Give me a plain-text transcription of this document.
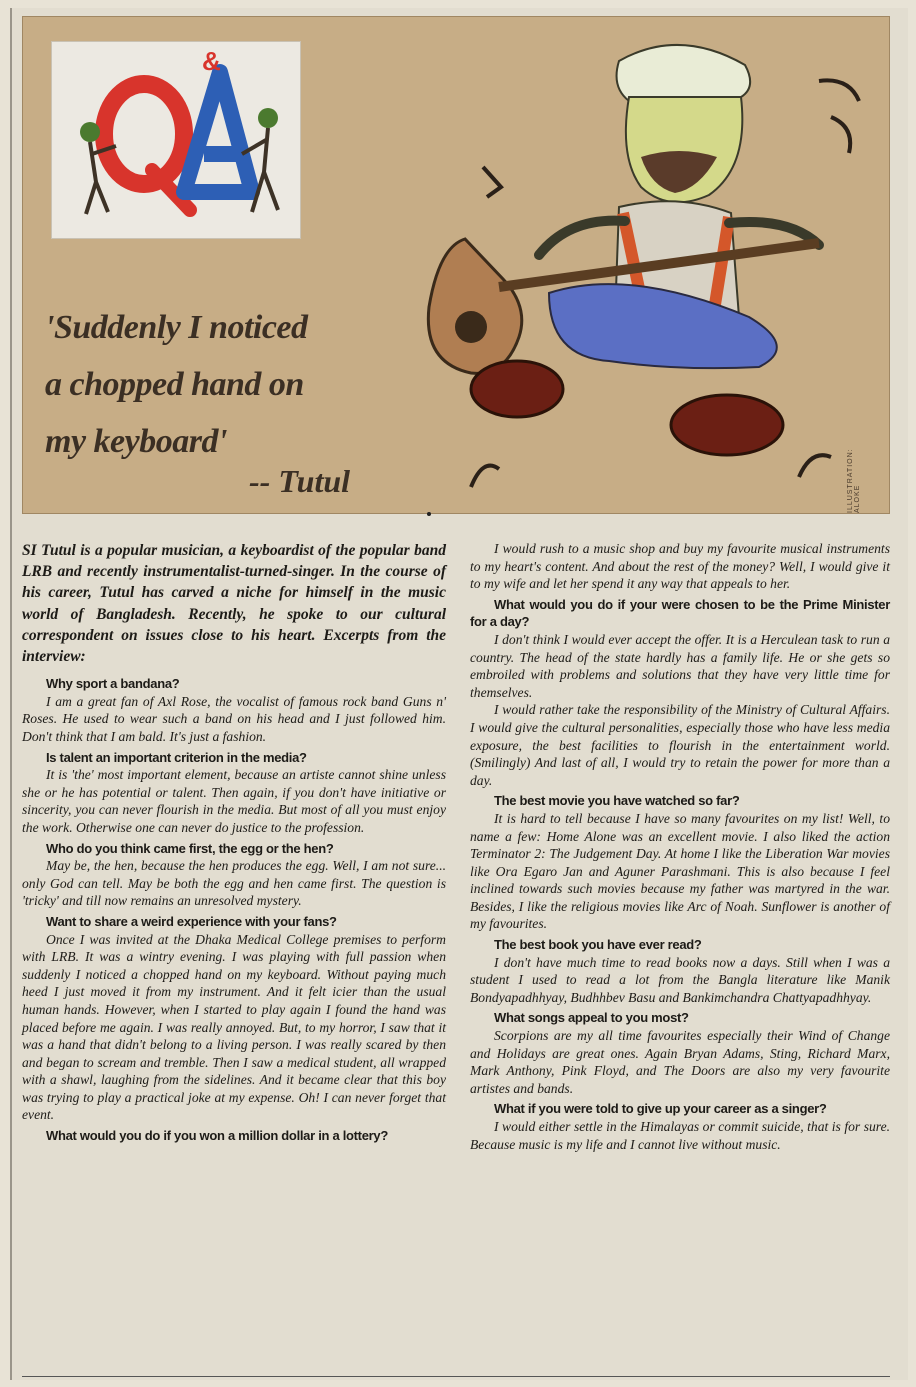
&
'Suddenly I noticed
a chopped hand on
my keyboard'
-- Tutul	ILLUSTRATION: ALOKE

SI Tutul is a popular musician, a keyboardist of the popular band LRB and recently instrumentalist-turned-singer. In the course of his career, Tutul has carved a niche for himself in the music world of Bangladesh. Recently, he spoke to our cultural correspondent on issues close to his heart. Excerpts from the interview:

Why sport a bandana?

I am a great fan of Axl Rose, the vocalist of famous rock band Guns n' Roses. He used to wear such a band on his head and I just followed him. Don't think that I am bald. It's just a fashion.

Is talent an important criterion in the media?

It is 'the' most important element, because an artiste cannot shine unless she or he has potential or talent. Then again, if you don't have initiative or sincerity, you can never flourish in the media. But most of all you must enjoy the work. Otherwise one can never do justice to the profession.

Who do you think came first, the egg or the hen?

May be, the hen, because the hen produces the egg. Well, I am not sure... only God can tell. May be both the egg and hen came first. The question is 'tricky' and till now remains an unresolved mystery.

Want to share a weird experience with your fans?

Once I was invited at the Dhaka Medical College premises to perform with LRB. It was a wintry evening. I was playing with full passion when suddenly I noticed a chopped hand on my keyboard. Without paying much heed I just moved it from my instrument. And it felt icier than the usual human hands. However, when I started to play again I found the hand was placed before me again. I was really annoyed. But, to my horror, I saw that it was a hand that didn't belong to a living person. I was really scared by then and began to scream and tremble. Then I saw a medical student, all wrapped with a shawl, laughing from the sidelines. And it became clear that this boy was trying to play a practical joke at my expense. Oh! I can never forget that event.

What would you do if you won a million dollar in a lottery?

I would rush to a music shop and buy my favourite musical instruments to my heart's content. And about the rest of the money? Well, I would give it to my wife and let her spend it any way that appeals to her.

What would you do if your were chosen to be the Prime Minister for a day?

I don't think I would ever accept the offer. It is a Herculean task to run a country. The head of the state hardly has a family life. He or she gets so embroiled with problems and solutions that they have very little time for themselves.

I would rather take the responsibility of the Ministry of Cultural Affairs. I would give the cultural personalities, especially those who have less media exposure, the best facilities to flourish in the entertainment world. (Smilingly) And last of all, I would try to retain the power for more than a day.

The best movie you have watched so far?

It is hard to tell because I have so many favourites on my list! Well, to name a few: Home Alone was an excellent movie. I also liked the action Terminator 2: The Judgement Day. At home I like the Liberation War movies like Ora Egaro Jan and Aguner Parashmani. This is also because I feel inclined towards such movies because my father was martyred in the war. Besides, I like the religious movies like Arc of Noah. Sunflower is another of my favourites.

The best book you have ever read?

I don't have much time to read books now a days. Still when I was a student I used to read a lot from the Bangla literature like Manik Bondyapadhhyay, Budhhbev Basu and Bankimchandra Chattyapadhhyay.

What songs appeal to you most?

Scorpions are my all time favourites especially their Wind of Change and Holidays are great ones. Again Bryan Adams, Sting, Richard Marx, Mark Anthony, Pink Floyd, and The Doors are also my very favourite artistes and bands.

What if you were told to give up your career as a singer?

I would either settle in the Himalayas or commit suicide, that is for sure. Because music is my life and I cannot live without music.
